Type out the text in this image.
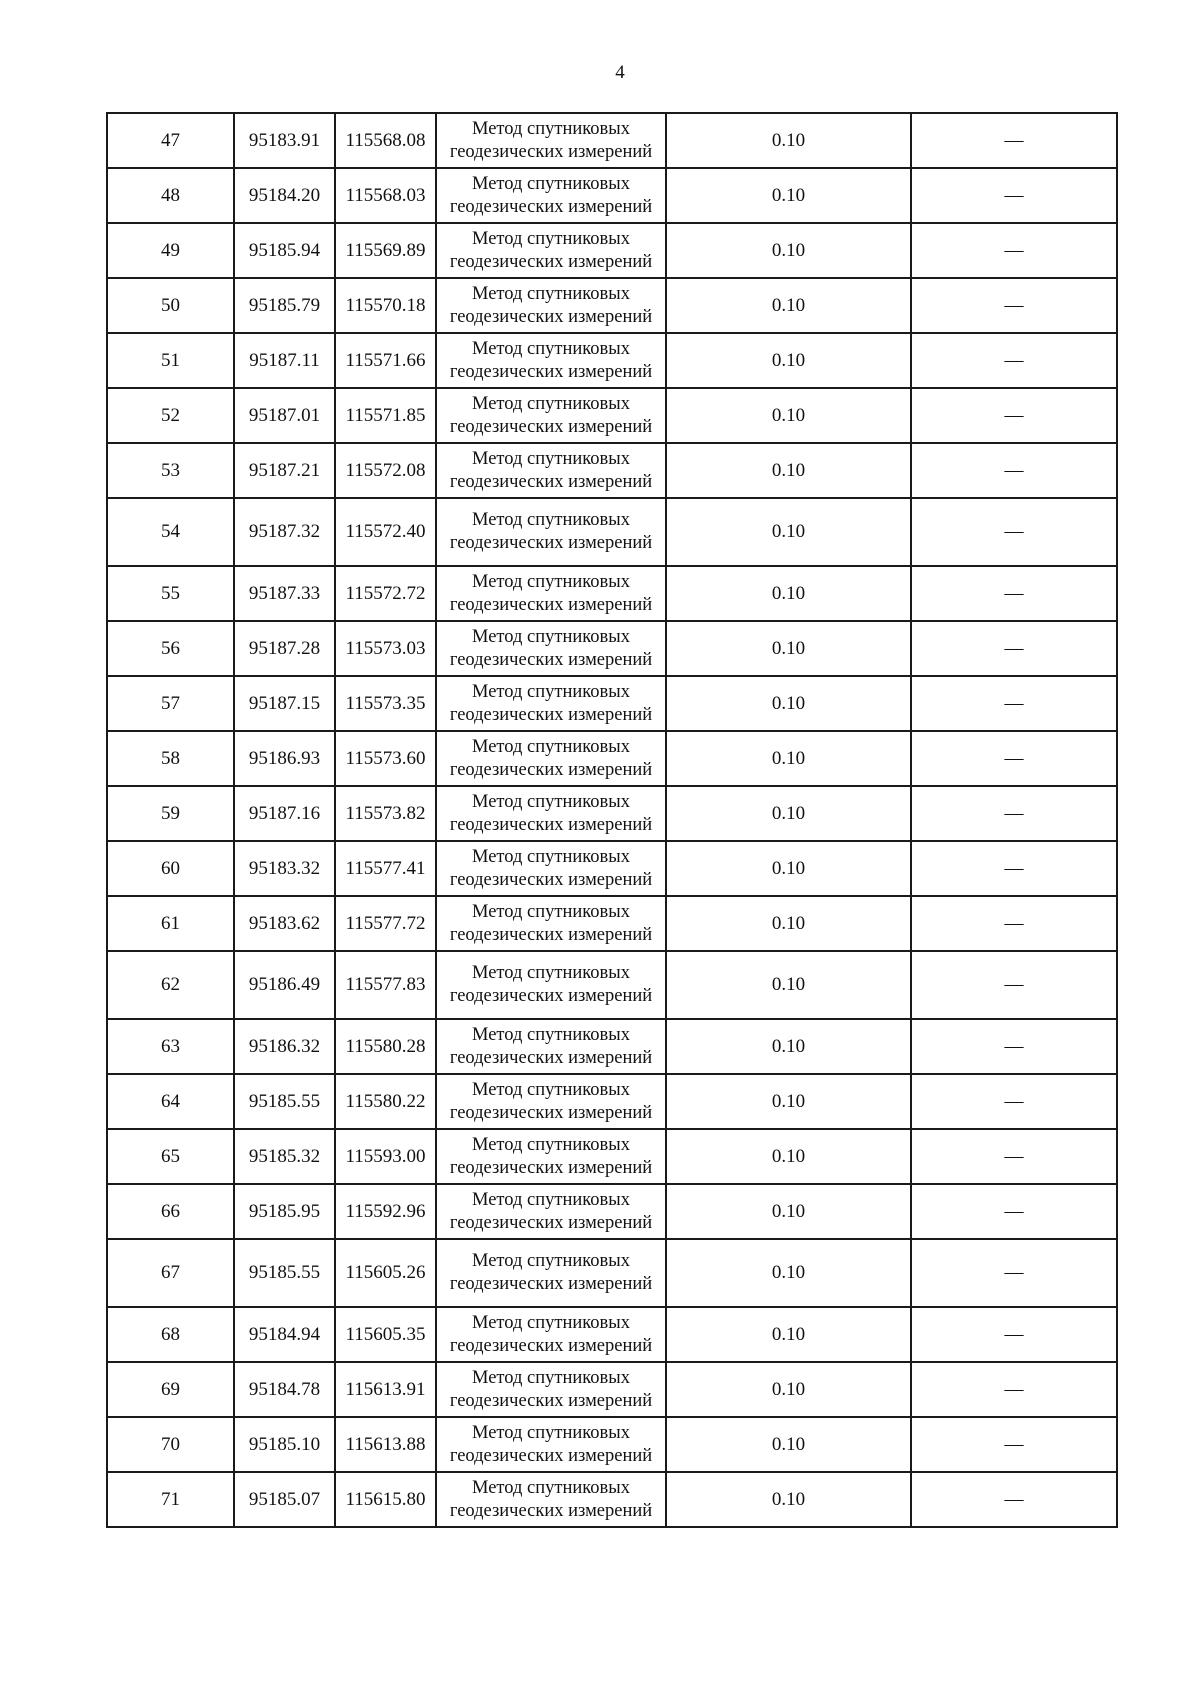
4
47	95183.91	115568.08	Метод спутниковых
геодезических измерений	0.10	—
48	95184.20	115568.03	Метод спутниковых
геодезических измерений	0.10	—
49	95185.94	115569.89	Метод спутниковых
геодезических измерений	0.10	—
50	95185.79	115570.18	Метод спутниковых
геодезических измерений	0.10	—
51	95187.11	115571.66	Метод спутниковых
геодезических измерений	0.10	—
52	95187.01	115571.85	Метод спутниковых
геодезических измерений	0.10	—
53	95187.21	115572.08	Метод спутниковых
геодезических измерений	0.10	—
54	95187.32	115572.40	Метод спутниковых
геодезических измерений	0.10	—
55	95187.33	115572.72	Метод спутниковых
геодезических измерений	0.10	—
56	95187.28	115573.03	Метод спутниковых
геодезических измерений	0.10	—
57	95187.15	115573.35	Метод спутниковых
геодезических измерений	0.10	—
58	95186.93	115573.60	Метод спутниковых
геодезических измерений	0.10	—
59	95187.16	115573.82	Метод спутниковых
геодезических измерений	0.10	—
60	95183.32	115577.41	Метод спутниковых
геодезических измерений	0.10	—
61	95183.62	115577.72	Метод спутниковых
геодезических измерений	0.10	—
62	95186.49	115577.83	Метод спутниковых
геодезических измерений	0.10	—
63	95186.32	115580.28	Метод спутниковых
геодезических измерений	0.10	—
64	95185.55	115580.22	Метод спутниковых
геодезических измерений	0.10	—
65	95185.32	115593.00	Метод спутниковых
геодезических измерений	0.10	—
66	95185.95	115592.96	Метод спутниковых
геодезических измерений	0.10	—
67	95185.55	115605.26	Метод спутниковых
геодезических измерений	0.10	—
68	95184.94	115605.35	Метод спутниковых
геодезических измерений	0.10	—
69	95184.78	115613.91	Метод спутниковых
геодезических измерений	0.10	—
70	95185.10	115613.88	Метод спутниковых
геодезических измерений	0.10	—
71	95185.07	115615.80	Метод спутниковых
геодезических измерений	0.10	—
